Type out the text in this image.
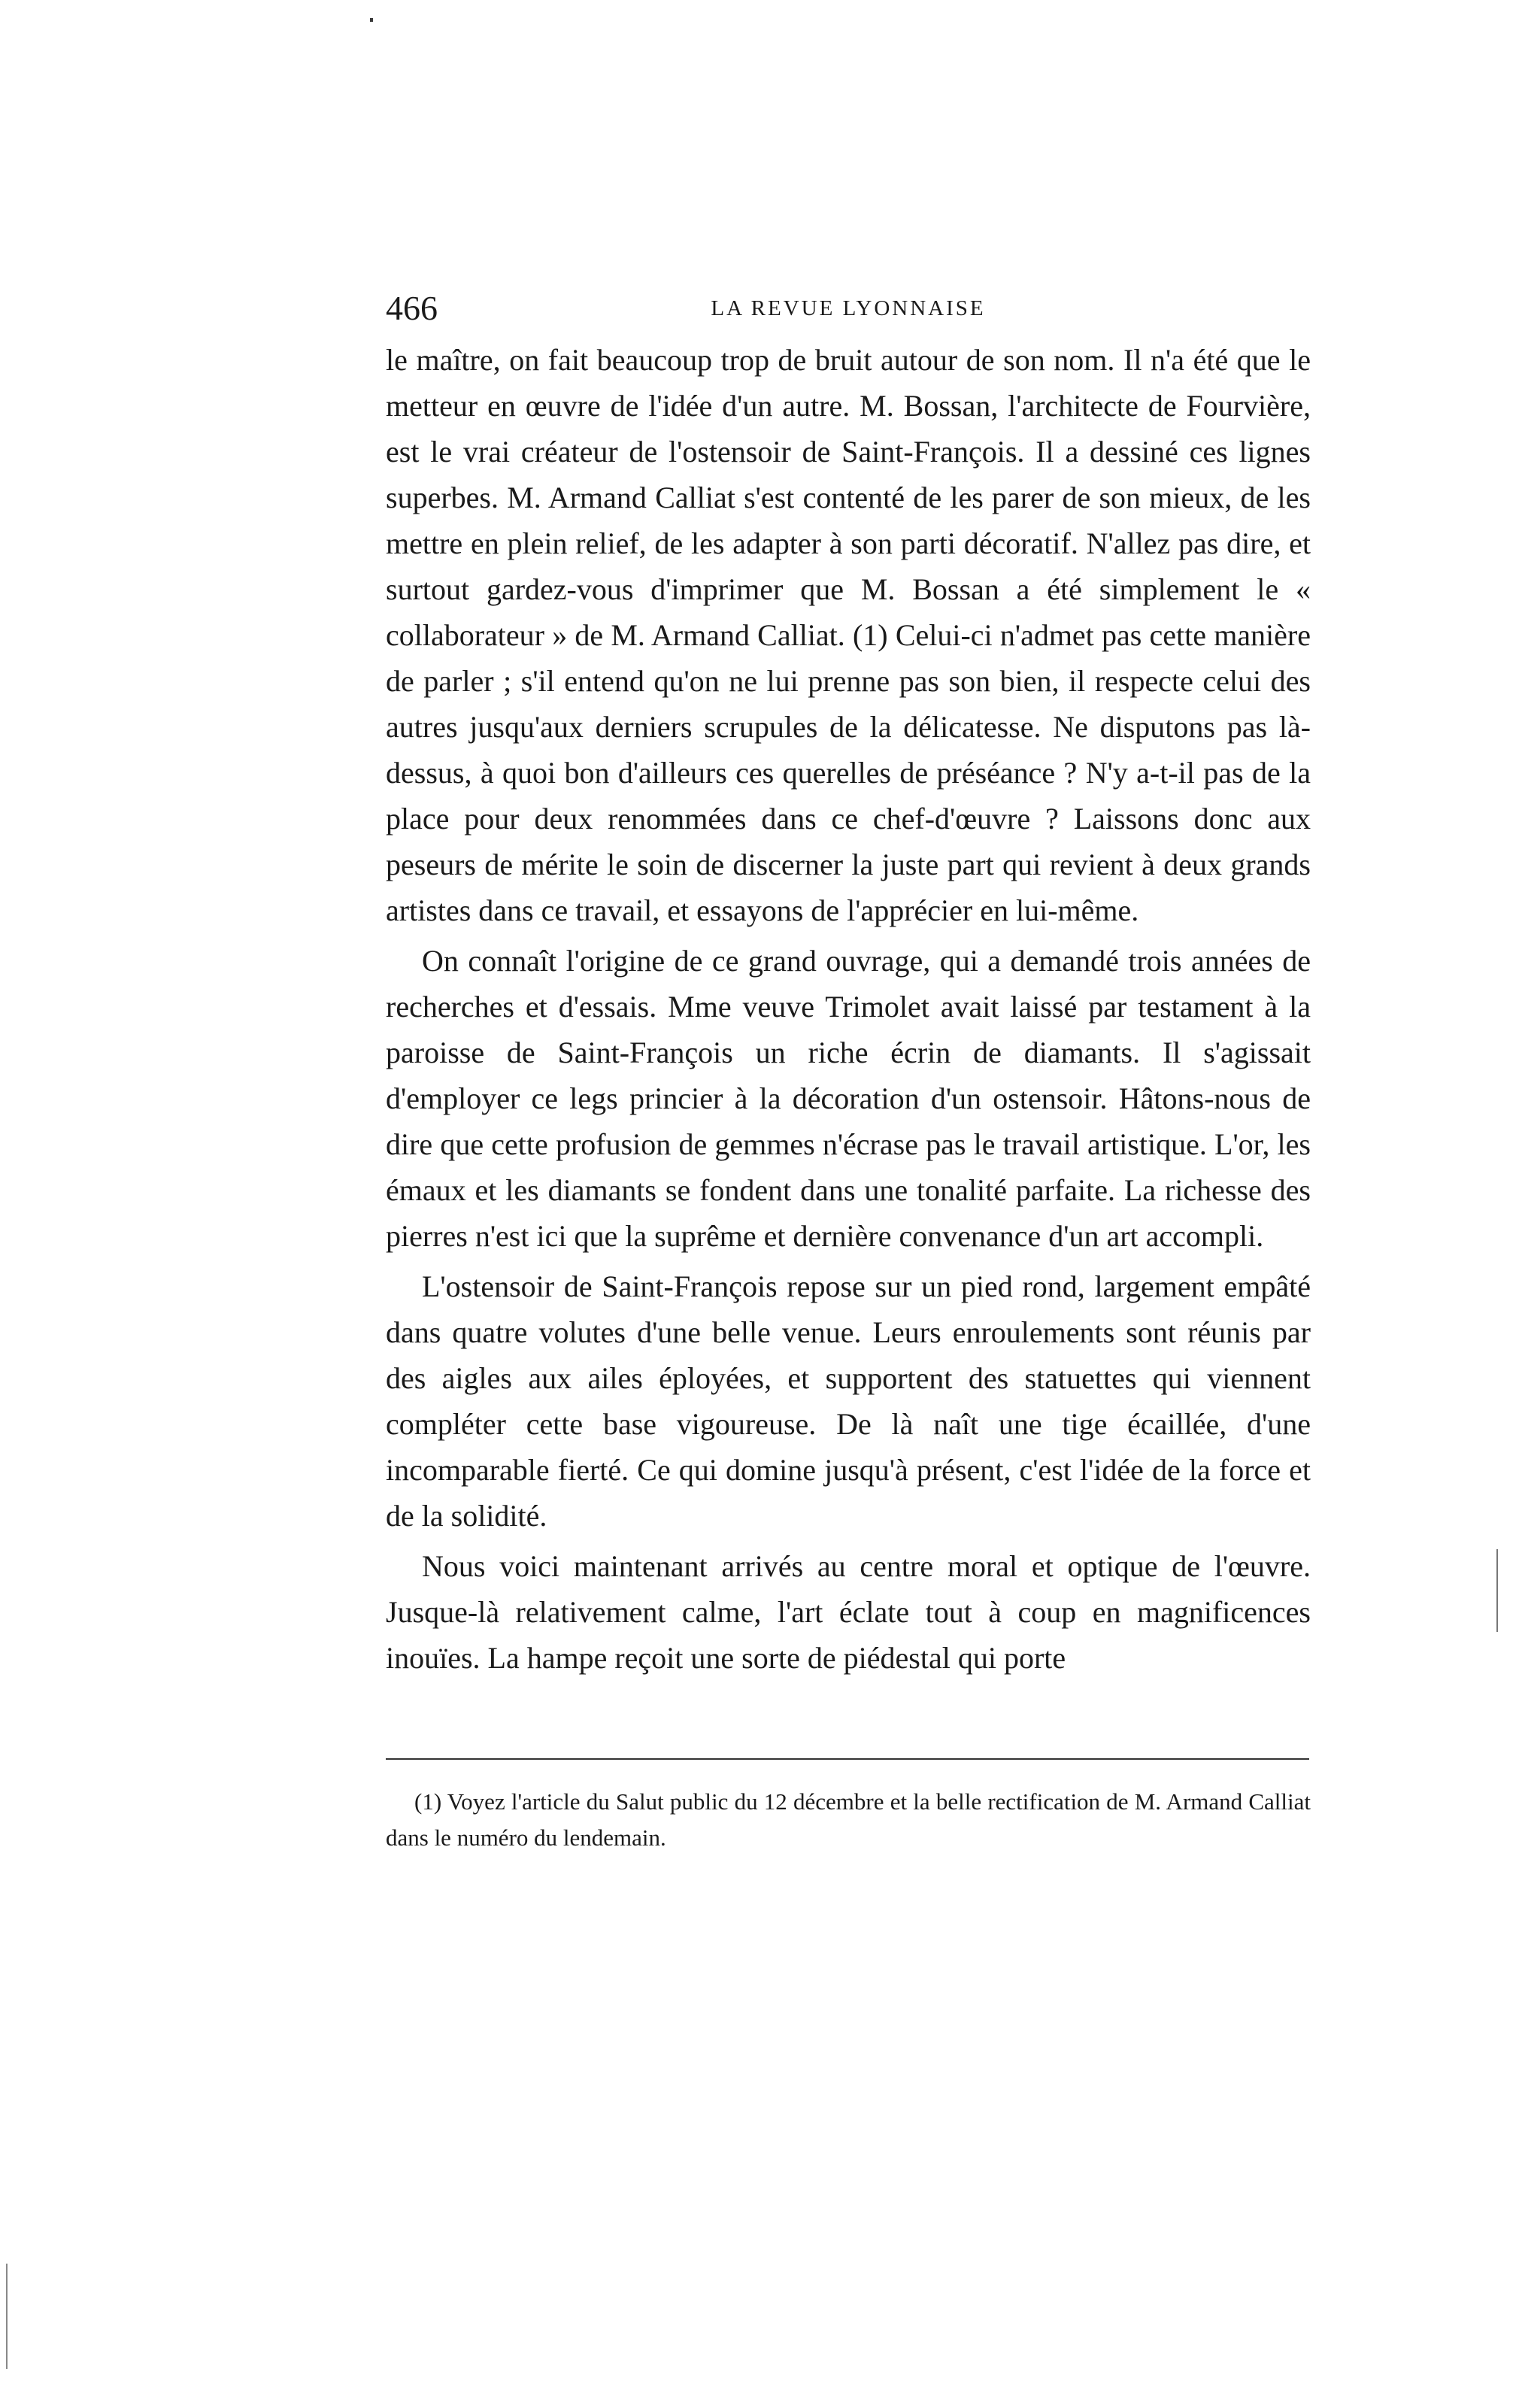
466	LA REVUE LYONNAISE

le maître, on fait beaucoup trop de bruit autour de son nom. Il n'a été que le metteur en œuvre de l'idée d'un autre. M. Bossan, l'architecte de Fourvière, est le vrai créateur de l'ostensoir de Saint-François. Il a dessiné ces lignes superbes. M. Armand Calliat s'est contenté de les parer de son mieux, de les mettre en plein relief, de les adapter à son parti décoratif. N'allez pas dire, et surtout gardez-vous d'imprimer que M. Bossan a été simplement le « collaborateur » de M. Armand Calliat. (1) Celui-ci n'admet pas cette manière de parler ; s'il entend qu'on ne lui prenne pas son bien, il respecte celui des autres jusqu'aux derniers scrupules de la délicatesse. Ne disputons pas là-dessus, à quoi bon d'ailleurs ces querelles de préséance ? N'y a-t-il pas de la place pour deux renommées dans ce chef-d'œuvre ? Laissons donc aux peseurs de mérite le soin de discerner la juste part qui revient à deux grands artistes dans ce travail, et essayons de l'apprécier en lui-même.

On connaît l'origine de ce grand ouvrage, qui a demandé trois années de recherches et d'essais. Mme veuve Trimolet avait laissé par testament à la paroisse de Saint-François un riche écrin de diamants. Il s'agissait d'employer ce legs princier à la décoration d'un ostensoir. Hâtons-nous de dire que cette profusion de gemmes n'écrase pas le travail artistique. L'or, les émaux et les diamants se fondent dans une tonalité parfaite. La richesse des pierres n'est ici que la suprême et dernière convenance d'un art accompli.

L'ostensoir de Saint-François repose sur un pied rond, largement empâté dans quatre volutes d'une belle venue. Leurs enroulements sont réunis par des aigles aux ailes éployées, et supportent des statuettes qui viennent compléter cette base vigoureuse. De là naît une tige écaillée, d'une incomparable fierté. Ce qui domine jusqu'à présent, c'est l'idée de la force et de la solidité.

Nous voici maintenant arrivés au centre moral et optique de l'œuvre. Jusque-là relativement calme, l'art éclate tout à coup en magnificences inouïes. La hampe reçoit une sorte de piédestal qui porte

(1) Voyez l'article du Salut public du 12 décembre et la belle rectification de M. Armand Calliat dans le numéro du lendemain.
